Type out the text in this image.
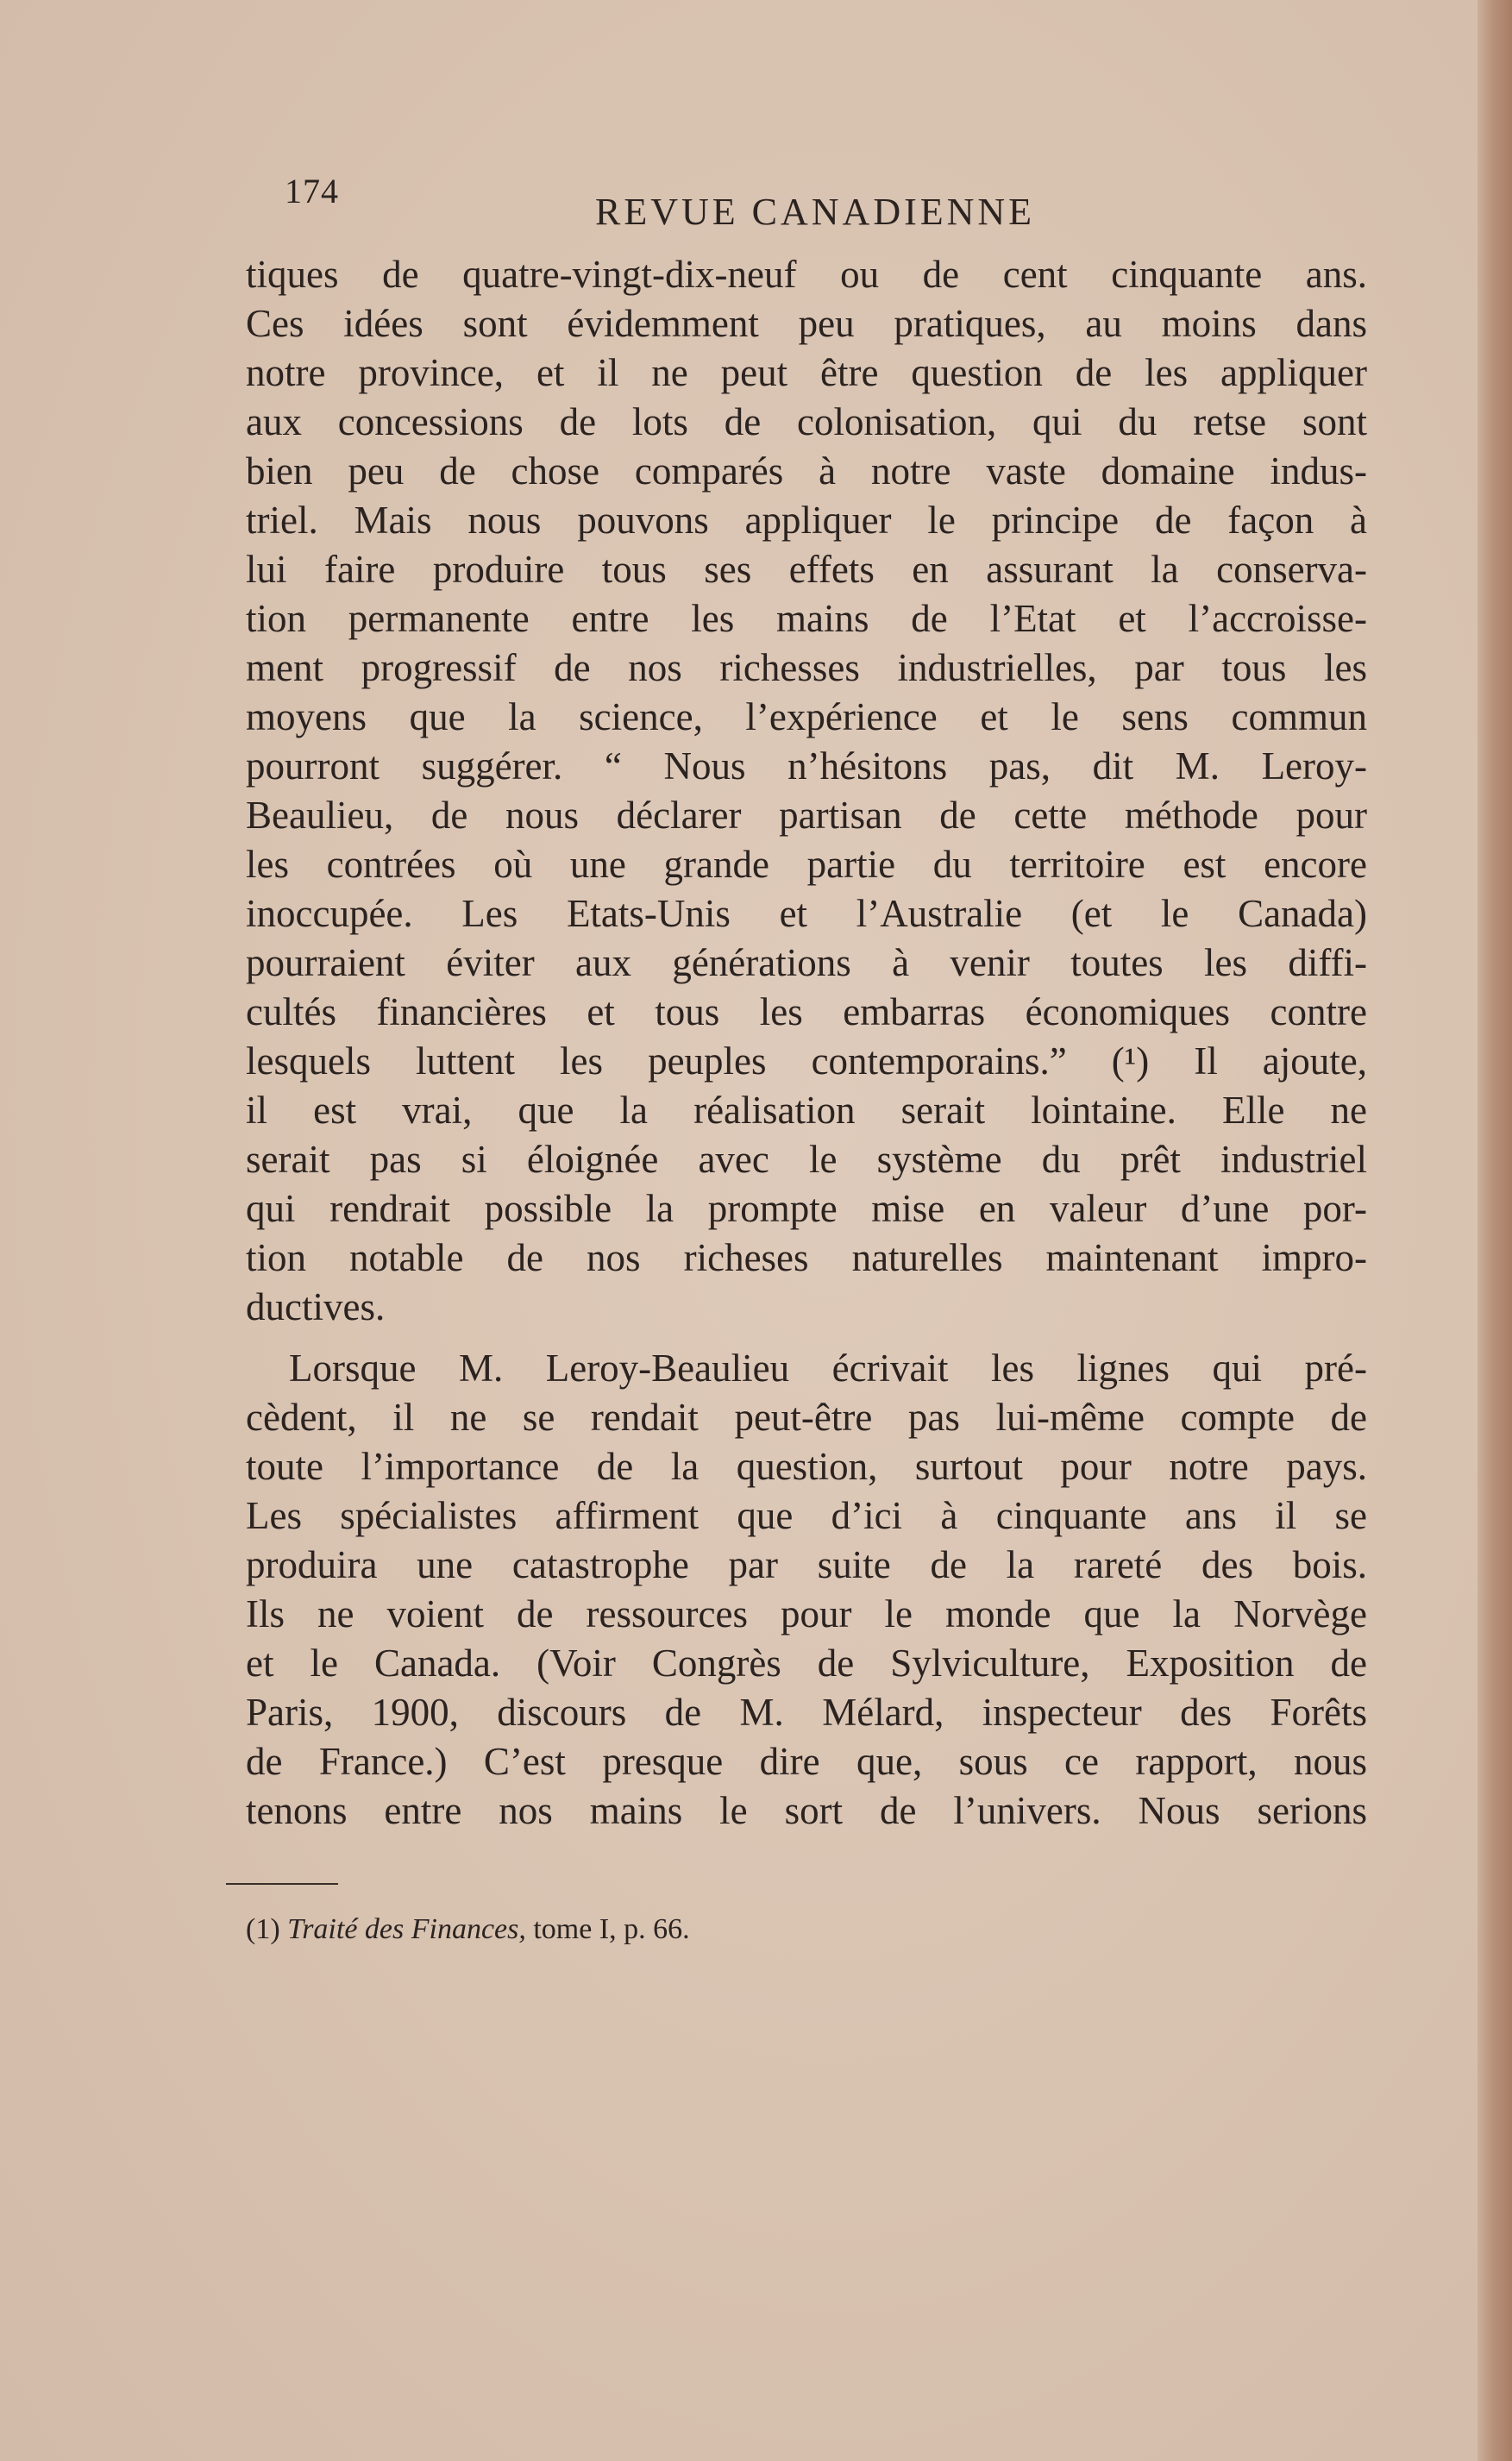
174	REVUE CANADIENNE
tiques de quatre-vingt-dix-neuf ou de cent cinquante ans.
Ces idées sont évidemment peu pratiques, au moins dans
notre province, et il ne peut être question de les appliquer
aux concessions de lots de colonisation, qui du retse sont
bien peu de chose comparés à notre vaste domaine indus-
triel. Mais nous pouvons appliquer le principe de façon à
lui faire produire tous ses effets en assurant la conserva-
tion permanente entre les mains de l’Etat et l’accroisse-
ment progressif de nos richesses industrielles, par tous les
moyens que la science, l’expérience et le sens commun
pourront suggérer. “ Nous n’hésitons pas, dit M. Leroy-
Beaulieu, de nous déclarer partisan de cette méthode pour
les contrées où une grande partie du territoire est encore
inoccupée. Les Etats-Unis et l’Australie (et le Canada)
pourraient éviter aux générations à venir toutes les diffi-
cultés financières et tous les embarras économiques contre
lesquels luttent les peuples contemporains.” (¹) Il ajoute,
il est vrai, que la réalisation serait lointaine. Elle ne
serait pas si éloignée avec le système du prêt industriel
qui rendrait possible la prompte mise en valeur d’une por-
tion notable de nos richeses naturelles maintenant impro-
ductives.
Lorsque M. Leroy-Beaulieu écrivait les lignes qui pré-
cèdent, il ne se rendait peut-être pas lui-même compte de
toute l’importance de la question, surtout pour notre pays.
Les spécialistes affirment que d’ici à cinquante ans il se
produira une catastrophe par suite de la rareté des bois.
Ils ne voient de ressources pour le monde que la Norvège
et le Canada. (Voir Congrès de Sylviculture, Exposition de
Paris, 1900, discours de M. Mélard, inspecteur des Forêts
de France.) C’est presque dire que, sous ce rapport, nous
tenons entre nos mains le sort de l’univers. Nous serions
(1) Traité des Finances, tome I, p. 66.
